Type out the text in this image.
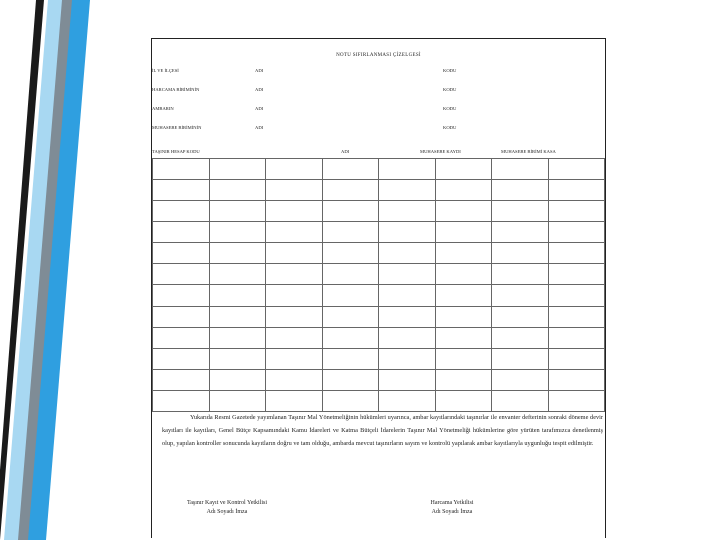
NOTU SIFIRLANMASI ÇİZELGESİ
İL VE İLÇESİ	ADI	KODU
HARCAMA BİRİMİNİN	ADI	KODU
AMBARIN	ADI	KODU
MUHASEBE BİRİMİNİN	ADI	KODU
TAŞINIR HESAP KODU	ADI	MUHASEBE KAYDI	MUHASEBE BİRİMİ KASA

Yukarıda Resmi Gazetede yayımlanan Taşınır Mal Yönetmeliğinin hükümleri uyarınca, ambar kayıtlarındaki taşınırlar ile envanter defterinin sonraki döneme devir kayıtları ile kayıtları, Genel Bütçe Kapsamındaki Kamu İdareleri ve Katma Bütçeli İdarelerin Taşınır Mal Yönetmeliği hükümlerine göre yürüten tarafımızca denetlenmiş olup, yapılan kontroller sonucunda kayıtların doğru ve tam olduğu, ambarda mevcut taşınırların sayım ve kontrolü yapılarak ambar kayıtlarıyla uygunluğu tespit edilmiştir.

Taşınır Kayıt ve Kontrol Yetkilisi
Adı Soyadı İmza
Harcama Yetkilisi
Adı Soyadı İmza
